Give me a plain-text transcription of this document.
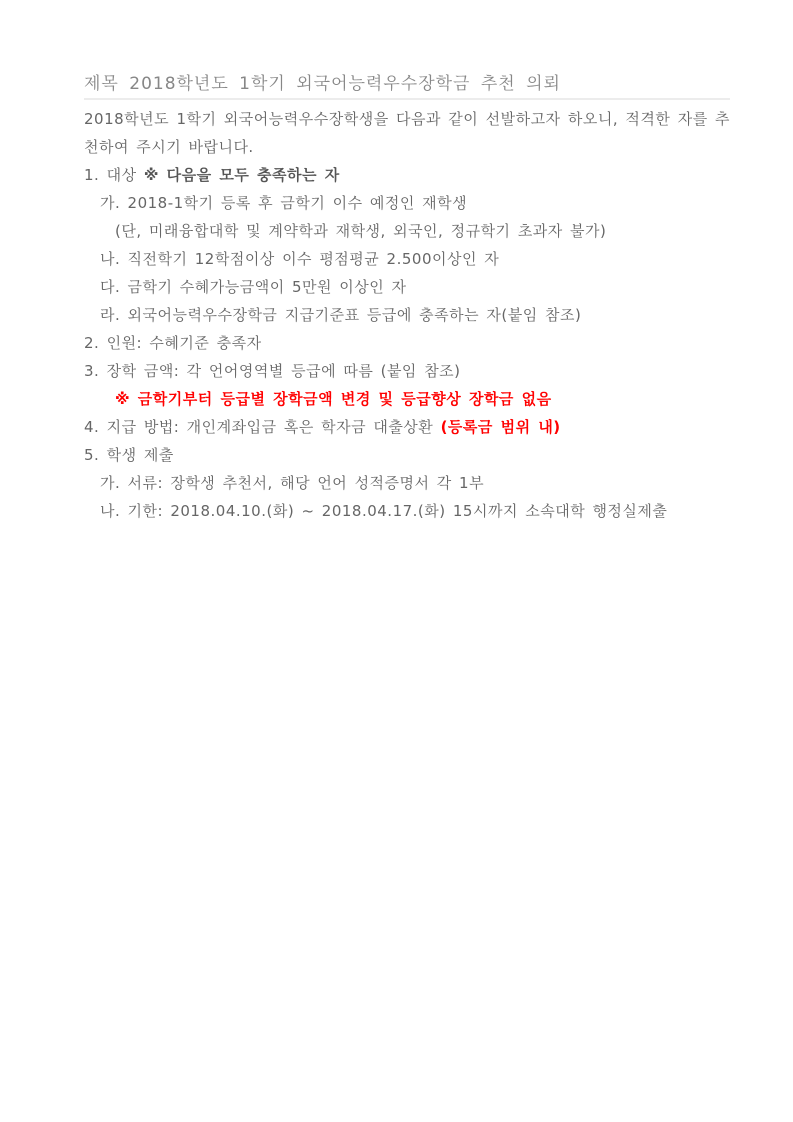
제목 2018학년도 1학기 외국어능력우수장학금 추천 의뢰
2018학년도 1학기 외국어능력우수장학생을 다음과 같이 선발하고자 하오니, 적격한 자를 추천하여 주시기 바랍니다.
1. 대상 ※ 다음을 모두 충족하는 자
가. 2018-1학기 등록 후 금학기 이수 예정인 재학생
(단, 미래융합대학 및 계약학과 재학생, 외국인, 정규학기 초과자 불가)
나. 직전학기 12학점이상 이수 평점평균 2.500이상인 자
다. 금학기 수혜가능금액이 5만원 이상인 자
라. 외국어능력우수장학금 지급기준표 등급에 충족하는 자(붙임 참조)
2. 인원: 수혜기준 충족자
3. 장학 금액: 각 언어영역별 등급에 따름 (붙임 참조)
※ 금학기부터 등급별 장학금액 변경 및 등급향상 장학금 없음
4. 지급 방법: 개인계좌입금 혹은 학자금 대출상환 (등록금 범위 내)
5. 학생 제출
가. 서류: 장학생 추천서, 해당 언어 성적증명서 각 1부
나. 기한: 2018.04.10.(화) ~ 2018.04.17.(화) 15시까지 소속대학 행정실제출
